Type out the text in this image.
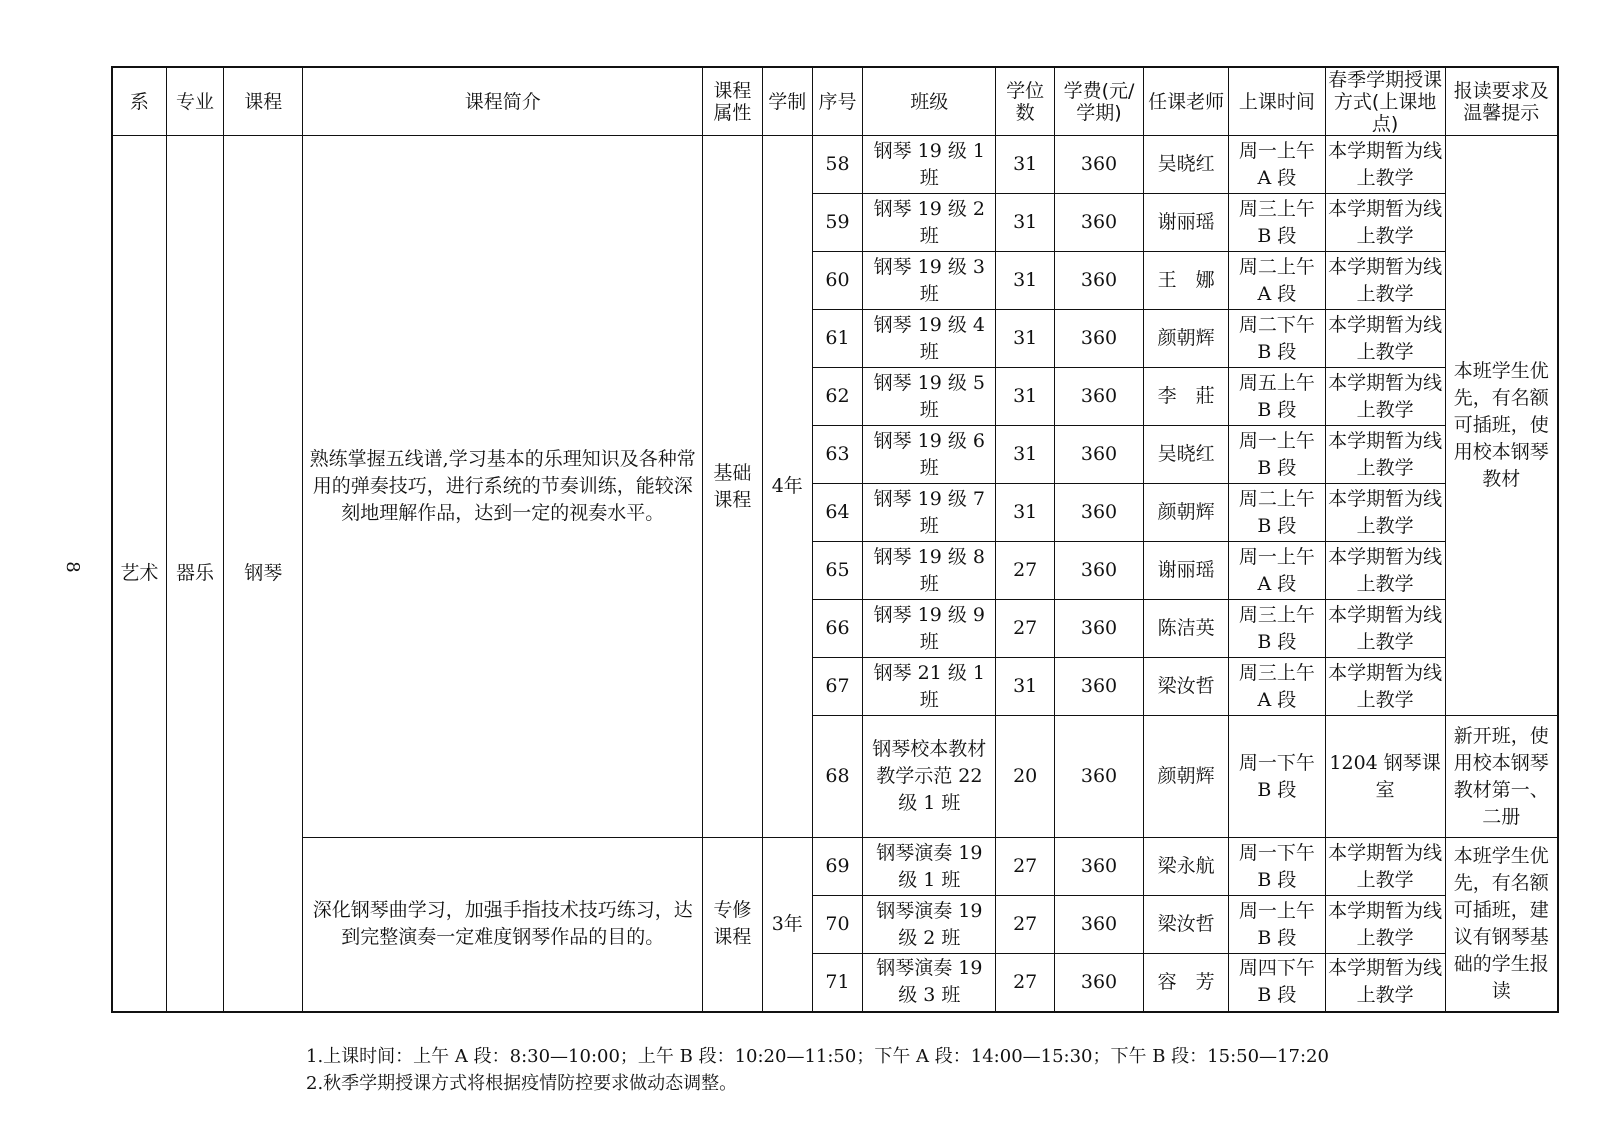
8
系	专业	课程	课程简介	课程属性	学制	序号	班级	学位数	学费(元/学期)	任课老师	上课时间	春季学期授课方式(上课地点)	报读要求及温馨提示
艺术	器乐	钢琴	熟练掌握五线谱,学习基本的乐理知识及各种常用的弹奏技巧，进行系统的节奏训练，能较深刻地理解作品，达到一定的视奏水平。	基础课程	4年	58	钢琴 19 级 1 班	31	360	吴晓红	周一上午 A 段	本学期暂为线上教学	本班学生优先，有名额可插班，使用校本钢琴教材
						59	钢琴 19 级 2 班	31	360	谢丽瑶	周三上午 B 段	本学期暂为线上教学	
						60	钢琴 19 级 3 班	31	360	王　娜	周二上午 A 段	本学期暂为线上教学	
						61	钢琴 19 级 4 班	31	360	颜朝辉	周二下午 B 段	本学期暂为线上教学	
						62	钢琴 19 级 5 班	31	360	李　莊	周五上午 B 段	本学期暂为线上教学	
						63	钢琴 19 级 6 班	31	360	吴晓红	周一上午 B 段	本学期暂为线上教学	
						64	钢琴 19 级 7 班	31	360	颜朝辉	周二上午 B 段	本学期暂为线上教学	
						65	钢琴 19 级 8 班	27	360	谢丽瑶	周一上午 A 段	本学期暂为线上教学	
						66	钢琴 19 级 9 班	27	360	陈洁英	周三上午 B 段	本学期暂为线上教学	
						67	钢琴 21 级 1 班	31	360	梁汝哲	周三上午 A 段	本学期暂为线上教学	
						68	钢琴校本教材教学示范 22 级 1 班	20	360	颜朝辉	周一下午 B 段	1204 钢琴课室	新开班，使用校本钢琴教材第一、二册
			深化钢琴曲学习，加强手指技术技巧练习，达到完整演奏一定难度钢琴作品的目的。	专修课程	3年	69	钢琴演奏 19 级 1 班	27	360	梁永航	周一下午 B 段	本学期暂为线上教学	本班学生优先，有名额可插班，建议有钢琴基础的学生报读
						70	钢琴演奏 19 级 2 班	27	360	梁汝哲	周一上午 B 段	本学期暂为线上教学	
						71	钢琴演奏 19 级 3 班	27	360	容　芳	周四下午 B 段	本学期暂为线上教学	
1.上课时间：上午 A 段：8:30—10:00；上午 B 段：10:20—11:50；下午 A 段：14:00—15:30；下午 B 段：15:50—17:20
2.秋季学期授课方式将根据疫情防控要求做动态调整。
